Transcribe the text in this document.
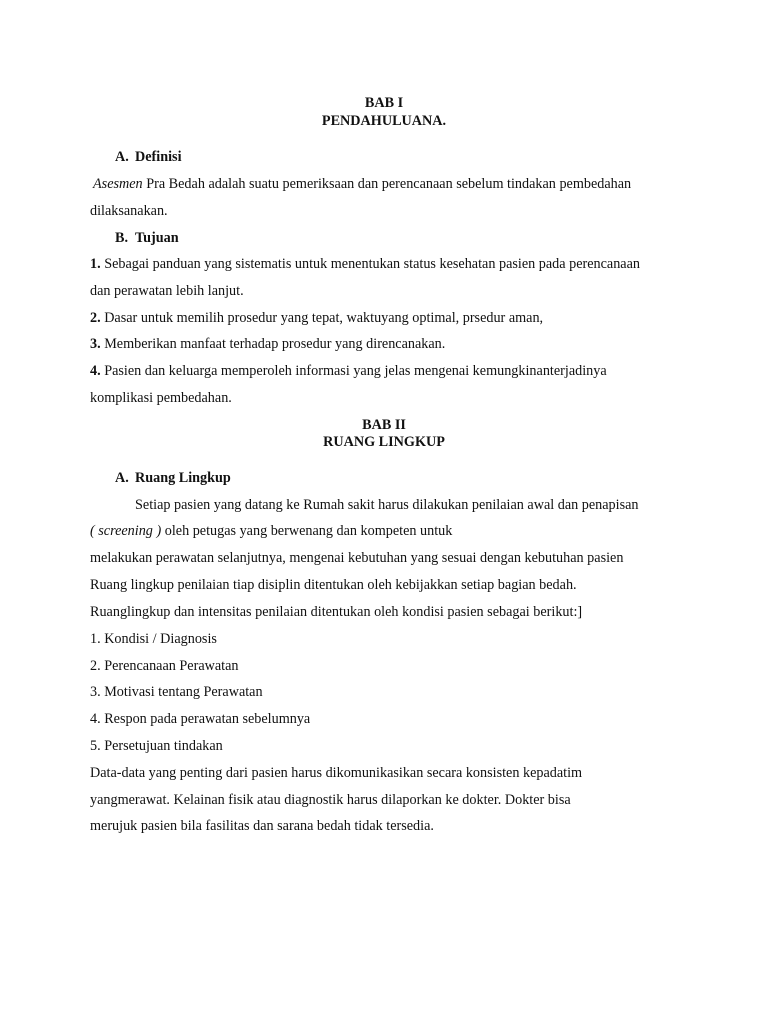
BAB I
PENDAHULUANA.
A. Definisi
Asesmen Pra Bedah adalah suatu pemeriksaan dan perencanaan sebelum tindakan pembedahan
dilaksanakan.
B. Tujuan
1. Sebagai panduan yang sistematis untuk menentukan status kesehatan pasien pada perencanaan
dan perawatan lebih lanjut.
2. Dasar untuk memilih prosedur yang tepat, waktuyang optimal, prsedur aman,
3. Memberikan manfaat terhadap prosedur yang direncanakan.
4. Pasien dan keluarga memperoleh informasi yang jelas mengenai kemungkinanterjadinya
komplikasi pembedahan.
BAB II
RUANG LINGKUP
A. Ruang Lingkup
Setiap pasien yang datang ke Rumah sakit harus dilakukan penilaian awal dan penapisan
( screening ) oleh petugas yang berwenang dan kompeten untuk
melakukan perawatan selanjutnya, mengenai kebutuhan yang sesuai dengan kebutuhan pasien
Ruang lingkup penilaian tiap disiplin ditentukan oleh kebijakkan setiap bagian bedah.
Ruanglingkup dan intensitas penilaian ditentukan oleh kondisi pasien sebagai berikut:]
1. Kondisi / Diagnosis
2. Perencanaan Perawatan
3. Motivasi tentang Perawatan
4. Respon pada perawatan sebelumnya
5. Persetujuan tindakan
Data-data yang penting dari pasien harus dikomunikasikan secara konsisten kepadatim
yangmerawat. Kelainan fisik atau diagnostik harus dilaporkan ke dokter. Dokter bisa
merujuk pasien bila fasilitas dan sarana bedah tidak tersedia.
